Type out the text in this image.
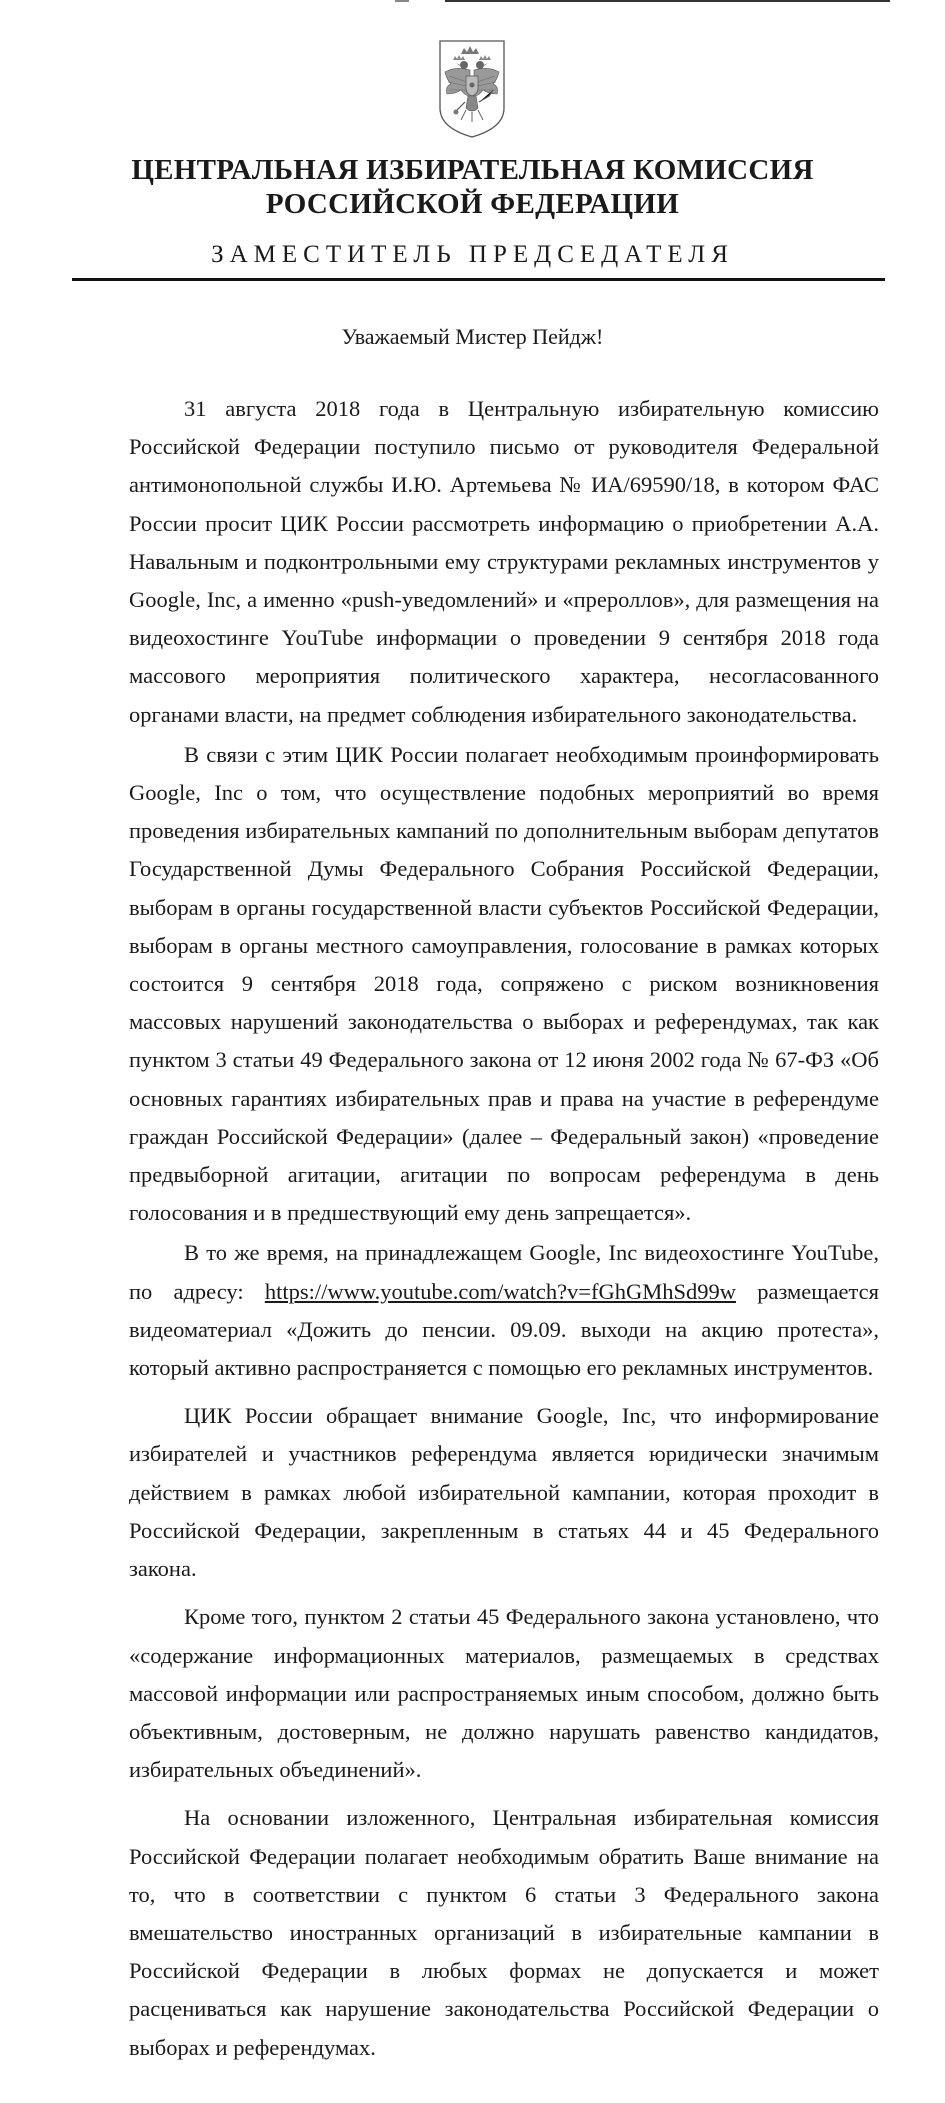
ЦЕНТРАЛЬНАЯ ИЗБИРАТЕЛЬНАЯ КОМИССИЯ
РОССИЙСКОЙ ФЕДЕРАЦИИ
ЗАМЕСТИТЕЛЬ ПРЕДСЕДАТЕЛЯ
Уважаемый Мистер Пейдж!

31 августа 2018 года в Центральную избирательную комиссию Российской Федерации поступило письмо от руководителя Федеральной антимонопольной службы И.Ю. Артемьева № ИА/69590/18, в котором ФАС России просит ЦИК России рассмотреть информацию о приобретении А.А. Навальным и подконтрольными ему структурами рекламных инструментов у Google, Inc, а именно «push-уведомлений» и «прероллов», для размещения на видеохостинге YouTube информации о проведении 9 сентября 2018 года массового мероприятия политического характера, несогласованного органами власти, на предмет соблюдения избирательного законодательства.

В связи с этим ЦИК России полагает необходимым проинформировать Google, Inc о том, что осуществление подобных мероприятий во время проведения избирательных кампаний по дополнительным выборам депутатов Государственной Думы Федерального Собрания Российской Федерации, выборам в органы государственной власти субъектов Российской Федерации, выборам в органы местного самоуправления, голосование в рамках которых состоится 9 сентября 2018 года, сопряжено с риском возникновения массовых нарушений законодательства о выборах и референдумах, так как пунктом 3 статьи 49 Федерального закона от 12 июня 2002 года № 67-ФЗ «Об основных гарантиях избирательных прав и права на участие в референдуме граждан Российской Федерации» (далее – Федеральный закон) «проведение предвыборной агитации, агитации по вопросам референдума в день голосования и в предшествующий ему день запрещается».

В то же время, на принадлежащем Google, Inc видеохостинге YouTube, по адресу: https://www.youtube.com/watch?v=fGhGMhSd99w размещается видеоматериал «Дожить до пенсии. 09.09. выходи на акцию протеста», который активно распространяется с помощью его рекламных инструментов.

ЦИК России обращает внимание Google, Inc, что информирование избирателей и участников референдума является юридически значимым действием в рамках любой избирательной кампании, которая проходит в Российской Федерации, закрепленным в статьях 44 и 45 Федерального закона.

Кроме того, пунктом 2 статьи 45 Федерального закона установлено, что «содержание информационных материалов, размещаемых в средствах массовой информации или распространяемых иным способом, должно быть объективным, достоверным, не должно нарушать равенство кандидатов, избирательных объединений».

На основании изложенного, Центральная избирательная комиссия Российской Федерации полагает необходимым обратить Ваше внимание на то, что в соответствии с пунктом 6 статьи 3 Федерального закона вмешательство иностранных организаций в избирательные кампании в Российской Федерации в любых формах не допускается и может расцениваться как нарушение законодательства Российской Федерации о выборах и референдумах.
